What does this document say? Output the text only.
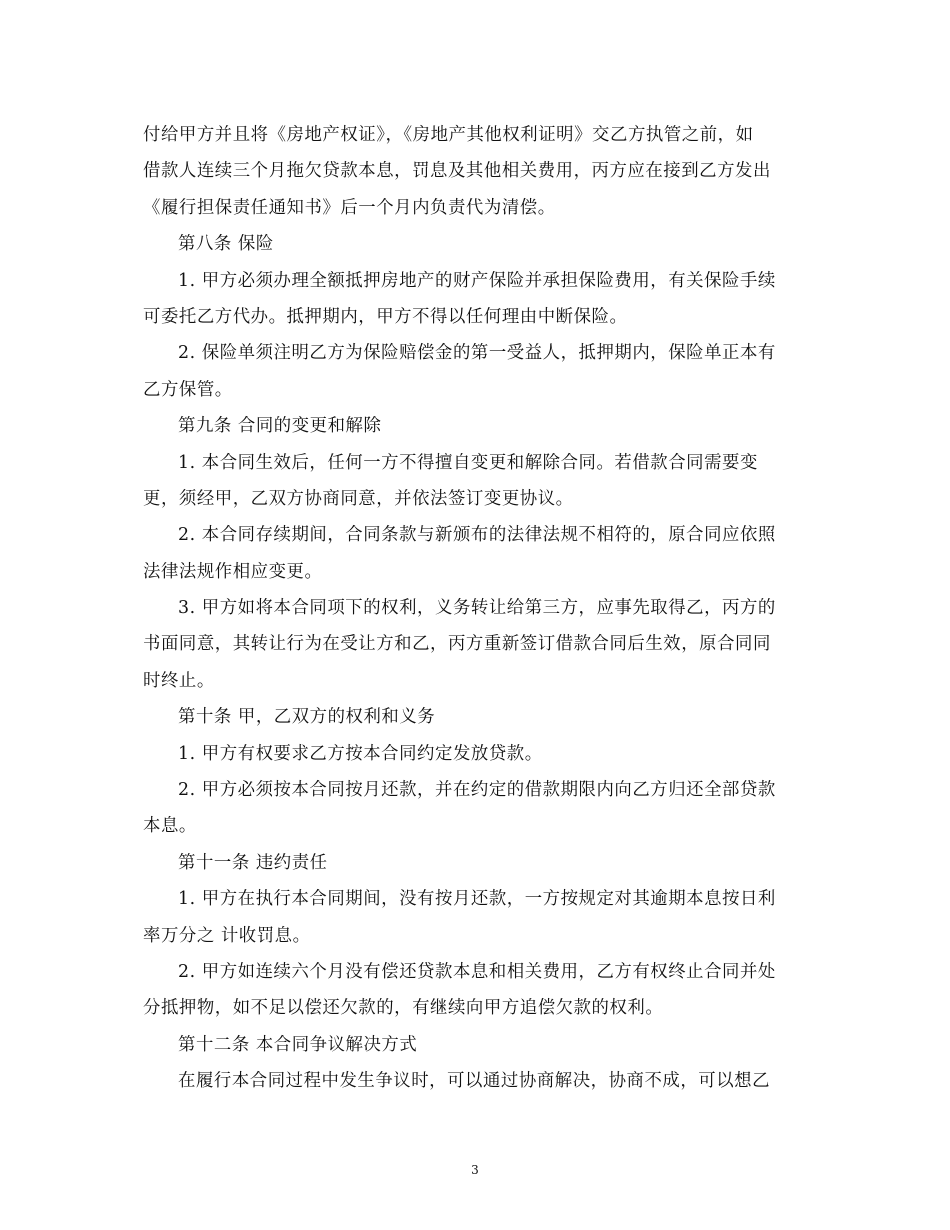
付给甲方并且将《房地产权证》，《房地产其他权利证明》交乙方执管之前，如
借款人连续三个月拖欠贷款本息，罚息及其他相关费用，丙方应在接到乙方发出
《履行担保责任通知书》后一个月内负责代为清偿。
第八条 保险
1. 甲方必须办理全额抵押房地产的财产保险并承担保险费用，有关保险手续
可委托乙方代办。抵押期内，甲方不得以任何理由中断保险。
2. 保险单须注明乙方为保险赔偿金的第一受益人，抵押期内，保险单正本有
乙方保管。
第九条 合同的变更和解除
1. 本合同生效后，任何一方不得擅自变更和解除合同。若借款合同需要变
更，须经甲，乙双方协商同意，并依法签订变更协议。
2. 本合同存续期间，合同条款与新颁布的法律法规不相符的，原合同应依照
法律法规作相应变更。
3. 甲方如将本合同项下的权利，义务转让给第三方，应事先取得乙，丙方的
书面同意，其转让行为在受让方和乙，丙方重新签订借款合同后生效，原合同同
时终止。
第十条 甲，乙双方的权利和义务
1. 甲方有权要求乙方按本合同约定发放贷款。
2. 甲方必须按本合同按月还款，并在约定的借款期限内向乙方归还全部贷款
本息。
第十一条 违约责任
1. 甲方在执行本合同期间，没有按月还款，一方按规定对其逾期本息按日利
率万分之 计收罚息。
2. 甲方如连续六个月没有偿还贷款本息和相关费用，乙方有权终止合同并处
分抵押物，如不足以偿还欠款的，有继续向甲方追偿欠款的权利。
第十二条 本合同争议解决方式
在履行本合同过程中发生争议时，可以通过协商解决，协商不成，可以想乙
3
